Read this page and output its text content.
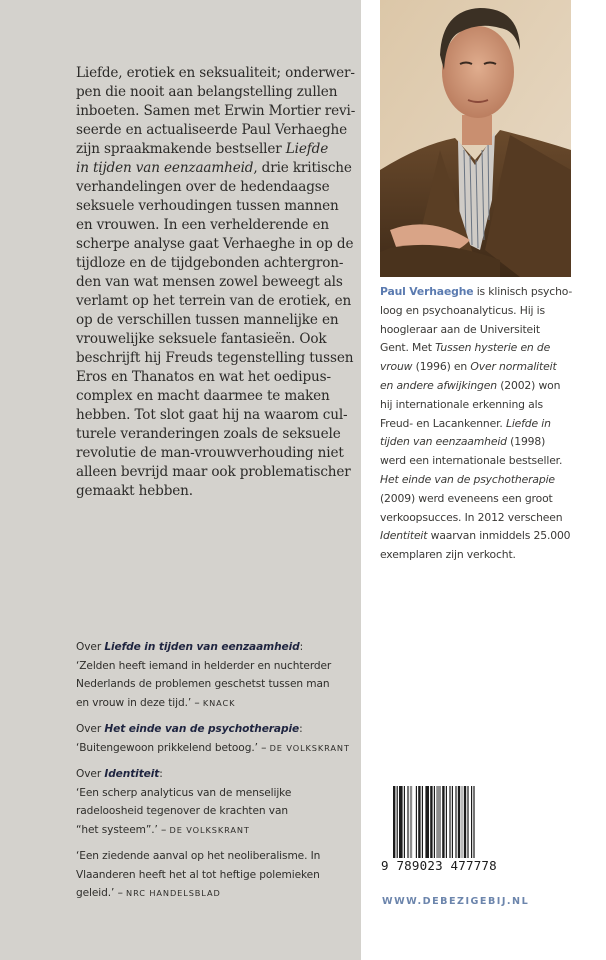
Liefde, erotiek en seksualiteit; onderwer-
pen die nooit aan belangstelling zullen
inboeten. Samen met Erwin Mortier revi-
seerde en actualiseerde Paul Verhaeghe
zijn spraakmakende bestseller Liefde
in tijden van eenzaamheid, drie kritische
verhandelingen over de hedendaagse
seksuele verhoudingen tussen mannen
en vrouwen. In een verhelderende en
scherpe analyse gaat Verhaeghe in op de
tijdloze en de tijdgebonden achtergron-
den van wat mensen zowel beweegt als
verlamt op het terrein van de erotiek, en
op de verschillen tussen mannelijke en
vrouwelijke seksuele fantasieën. Ook
beschrijft hij Freuds tegenstelling tussen
Eros en Thanatos en wat het oedipus-
complex en macht daarmee te maken
hebben. Tot slot gaat hij na waarom cul-
turele veranderingen zoals de seksuele
revolutie de man-vrouwverhouding niet
alleen bevrijd maar ook problematischer
gemaakt hebben.
Over Liefde in tijden van eenzaamheid:
‘Zelden heeft iemand in helderder en nuchterder
Nederlands de problemen geschetst tussen man
en vrouw in deze tijd.’ – KNACK
Over Het einde van de psychotherapie:
‘Buitengewoon prikkelend betoog.’ – DE VOLKSKRANT
Over Identiteit:
‘Een scherp analyticus van de menselijke
radeloosheid tegenover de krachten van
“het systeem”.’ – DE VOLKSKRANT
‘Een ziedende aanval op het neoliberalisme. In
Vlaanderen heeft het al tot heftige polemieken
geleid.’ – NRC HANDELSBLAD
Paul Verhaeghe is klinisch psycho-
loog en psychoanalyticus. Hij is
hoogleraar aan de Universiteit
Gent. Met Tussen hysterie en de
vrouw (1996) en Over normaliteit
en andere afwijkingen (2002) won
hij internationale erkenning als
Freud- en Lacankenner. Liefde in
tijden van eenzaamheid (1998)
werd een internationale bestseller.
Het einde van de psychotherapie
(2009) werd eveneens een groot
verkoopsucces. In 2012 verscheen
Identiteit waarvan inmiddels 25.000
exemplaren zijn verkocht.
9 789023 477778
WWW.DEBEZIGEBIJ.NL
